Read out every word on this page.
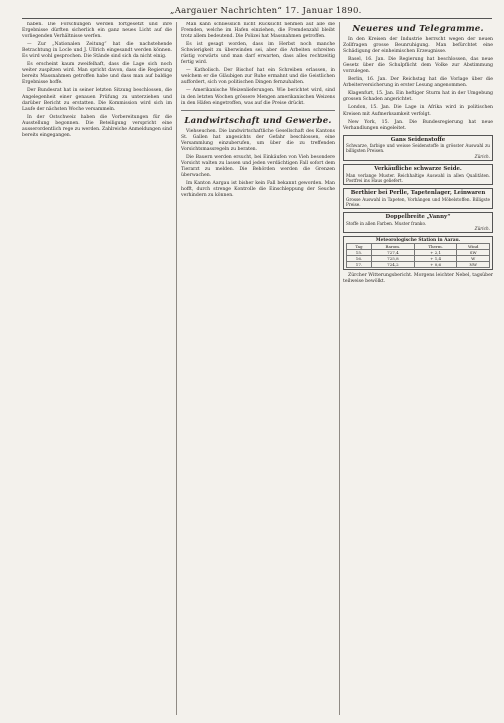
„Aargauer Nachrichten“ 17. Januar 1890.

haben. Die Forschungen werden fortgesetzt und ihre Ergebnisse dürften sicherlich ein ganz neues Licht auf die vorliegenden Verhältnisse werfen.

— Zur „Nationalen Zeitung“ hat die nachstehende Betrachtung in Locle und J. Ullrich eingesandt werden können. Es wird wohl gesprochen. Die Stände sind sich da nicht einig.

Es erscheint kaum zweifelhaft, dass die Lage sich noch weiter zuspitzen wird. Man spricht davon, dass die Regierung bereits Massnahmen getroffen habe und dass man auf baldige Ergebnisse hoffe.

Der Bundesrat hat in seiner letzten Sitzung beschlossen, die Angelegenheit einer genauen Prüfung zu unterziehen und darüber Bericht zu erstatten. Die Kommission wird sich im Laufe der nächsten Woche versammeln.

In der Ostschweiz haben die Vorbereitungen für die Ausstellung begonnen. Die Beteiligung verspricht eine ausserordentlich rege zu werden. Zahlreiche Anmeldungen sind bereits eingegangen.

Man kann schliesslich nicht Rücksicht nehmen auf alle die Fremden, welche im Hafen einziehen, die Fremdenzahl bleibt trotz allem bedeutend. Die Polizei hat Massnahmen getroffen.

Es ist gesagt worden, dass im Herbst noch manche Schwierigkeit zu überwinden sei, aber die Arbeiten schreiten rüstig vorwärts und man darf erwarten, dass alles rechtzeitig fertig wird.

— Katholisch. Der Bischof hat ein Schreiben erlassen, in welchem er die Gläubigen zur Ruhe ermahnt und die Geistlichen auffordert, sich von politischen Dingen fernzuhalten.

— Amerikanische Weizenlieferungen. Wie berichtet wird, sind in den letzten Wochen grössere Mengen amerikanischen Weizens in den Häfen eingetroffen, was auf die Preise drückt.

Landwirtschaft und Gewerbe.

Viehseuchen. Die landwirtschaftliche Gesellschaft des Kantons St. Gallen hat angesichts der Gefahr beschlossen, eine Versammlung einzuberufen, um über die zu treffenden Vorsichtsmassregeln zu beraten.

Die Bauern werden ersucht, bei Einkäufen von Vieh besondere Vorsicht walten zu lassen und jeden verdächtigen Fall sofort dem Tierarzt zu melden. Die Behörden werden die Grenzen überwachen.

Im Kanton Aargau ist bisher kein Fall bekannt geworden. Man hofft, durch strenge Kontrolle die Einschleppung der Seuche verhindern zu können.

Neueres und Telegramme.

In den Kreisen der Industrie herrscht wegen der neuen Zollfragen grosse Beunruhigung. Man befürchtet eine Schädigung der einheimischen Erzeugnisse.

Basel, 16. Jan. Die Regierung hat beschlossen, das neue Gesetz über die Schulpflicht dem Volke zur Abstimmung vorzulegen.

Berlin, 16. Jan. Der Reichstag hat die Vorlage über die Arbeiterversicherung in erster Lesung angenommen.

Klagenfurt, 15. Jan. Ein heftiger Sturm hat in der Umgebung grossen Schaden angerichtet.

London, 15. Jan. Die Lage in Afrika wird in politischen Kreisen mit Aufmerksamkeit verfolgt.

New York, 15. Jan. Die Bundesregierung hat neue Verhandlungen eingeleitet.

Gans Seidenstoffe
Schwarze, farbige und weisse Seidenstoffe in grösster Auswahl zu billigsten Preisen.
Zürich.
Verkäufliche schwarze Seide.
Man verlange Muster. Reichhaltige Auswahl in allen Qualitäten. Postfrei ins Haus geliefert.
Berthier bei Perlle, Tapetenlager, Leinwaren
Grosse Auswahl in Tapeten, Vorhängen und Möbelstoffen. Billigste Preise.
Doppelbreite „Vanny“
Stoffe in allen Farben. Muster franko.
Zürich.
Meteorologische Station in Aarau.
Tag	Barom.	Therm.	Wind
15.	727,4	+ 2,1	SW
16.	725,8	+ 1,4	W
17.	724,2	+ 0,6	NW

Zürcher Witterungsbericht. Morgens leichter Nebel, tagsüber teilweise bewölkt.
